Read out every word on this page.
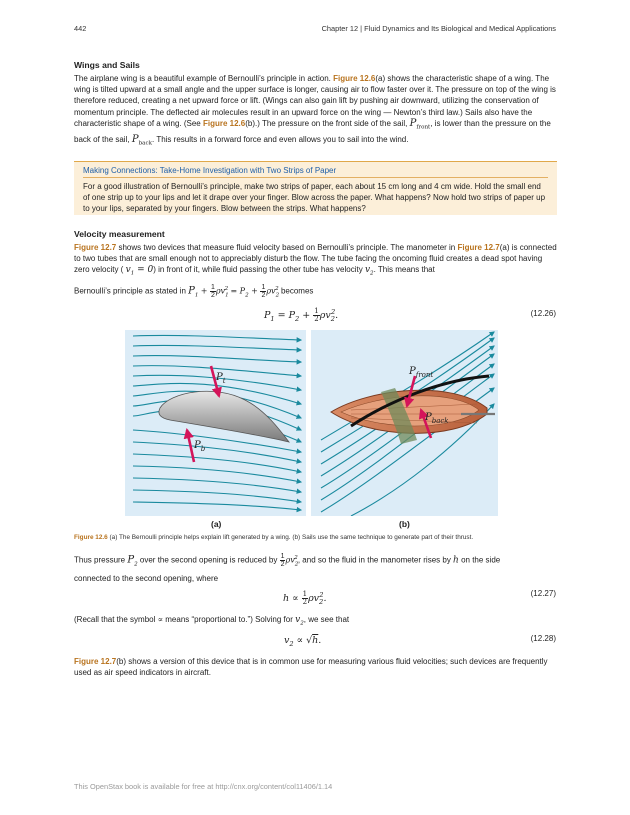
442	Chapter 12 | Fluid Dynamics and Its Biological and Medical Applications
Wings and Sails

The airplane wing is a beautiful example of Bernoulli’s principle in action. Figure 12.6(a) shows the characteristic shape of a wing. The wing is tilted upward at a small angle and the upper surface is longer, causing air to flow faster over it. The pressure on top of the wing is therefore reduced, creating a net upward force or lift. (Wings can also gain lift by pushing air downward, utilizing the conservation of momentum principle. The deflected air molecules result in an upward force on the wing — Newton’s third law.) Sails also have the characteristic shape of a wing. (See Figure 12.6(b).) The pressure on the front side of the sail, $P_{front}$, is lower than the pressure on the back of the sail, $P_{back}$. This results in a forward force and even allows you to sail into the wind.

Making Connections: Take-Home Investigation with Two Strips of Paper
For a good illustration of Bernoulli’s principle, make two strips of paper, each about 15 cm long and 4 cm wide. Hold the small end of one strip up to your lips and let it drape over your finger. Blow across the paper. What happens? Now hold two strips of paper up to your lips, separated by your fingers. Blow between the strips. What happens?
Velocity measurement

Figure 12.7 shows two devices that measure fluid velocity based on Bernoulli’s principle. The manometer in Figure 12.7(a) is connected to two tubes that are small enough not to appreciably disturb the flow. The tube facing the oncoming fluid creates a dead spot having zero velocity ( $v_1 = 0$) in front of it, while fluid passing the other tube has velocity $v_2$. This means that

Bernoulli’s principle as stated in $P_1 + \frac{1}{2} \rho v_1^2 = P_2 + \frac{1}{2} \rho v_2^2$ becomes

$P_1 = P_2 + \frac{1}{2} \rho v_2^2$.	(12.26)
$P_t$
$P_b$
$P_{front}$
$P_{back}$
(a)	(b)
Figure 12.6 (a) The Bernoulli principle helps explain lift generated by a wing. (b) Sails use the same technique to generate part of their thrust.

Thus pressure $P_2$ over the second opening is reduced by $\frac{1}{2} \rho v_2^2$, and so the fluid in the manometer rises by h on the side

connected to the second opening, where

$h \propto \frac{1}{2} \rho v_2^2$.	(12.27)

(Recall that the symbol ∝ means “proportional to.”) Solving for $v_2$, we see that

$v_2 \propto √h$.	(12.28)

Figure 12.7(b) shows a version of this device that is in common use for measuring various fluid velocities; such devices are frequently used as air speed indicators in aircraft.

This OpenStax book is available for free at http://cnx.org/content/col11406/1.14
